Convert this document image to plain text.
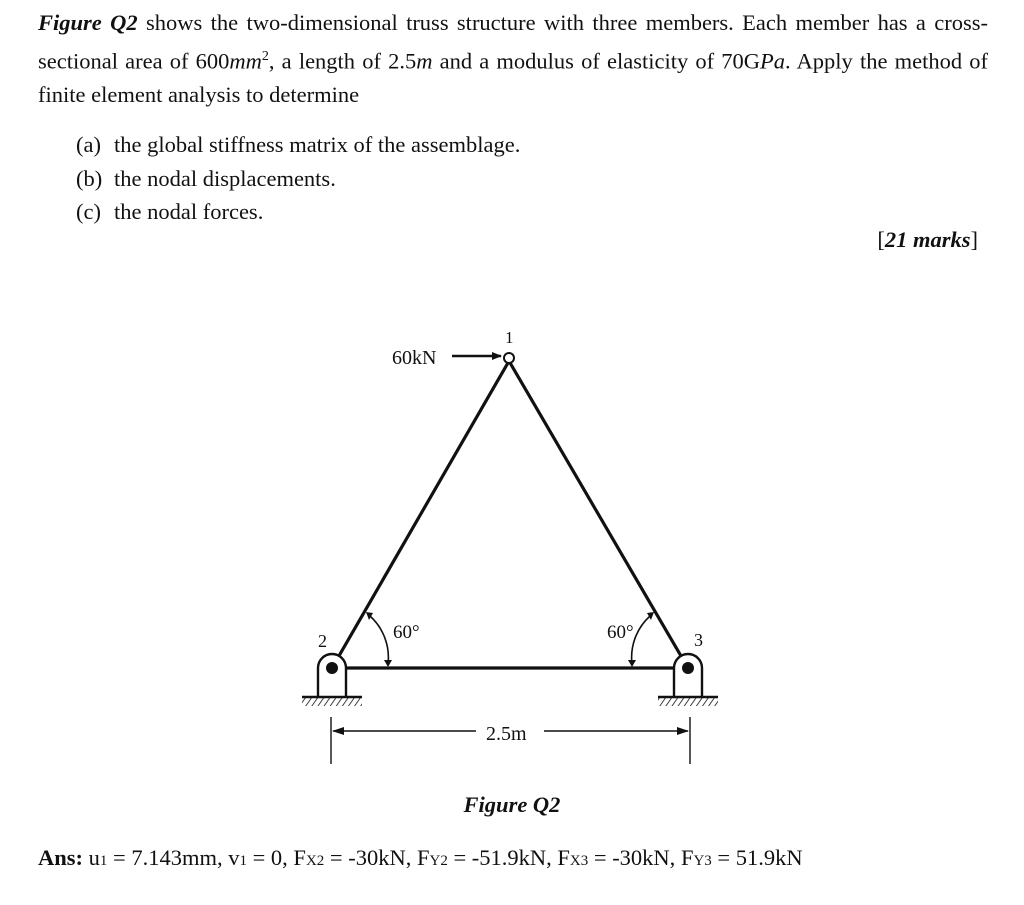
Figure Q2 shows the two-dimensional truss structure with three members. Each member has a cross-sectional area of $600mm^2$, a length of 2.5m and a modulus of elasticity of 70GPa. Apply the method of finite element analysis to determine
(a) the global stiffness matrix of the assemblage.
(b) the nodal displacements.
(c) the nodal forces.
[21 marks]
60kN
1
2	3
60°	60°
2.5m
Figure Q2
Ans: u1 = 7.143mm, v1 = 0, FX2 = -30kN, FY2 = -51.9kN, FX3 = -30kN, FY3 = 51.9kN
